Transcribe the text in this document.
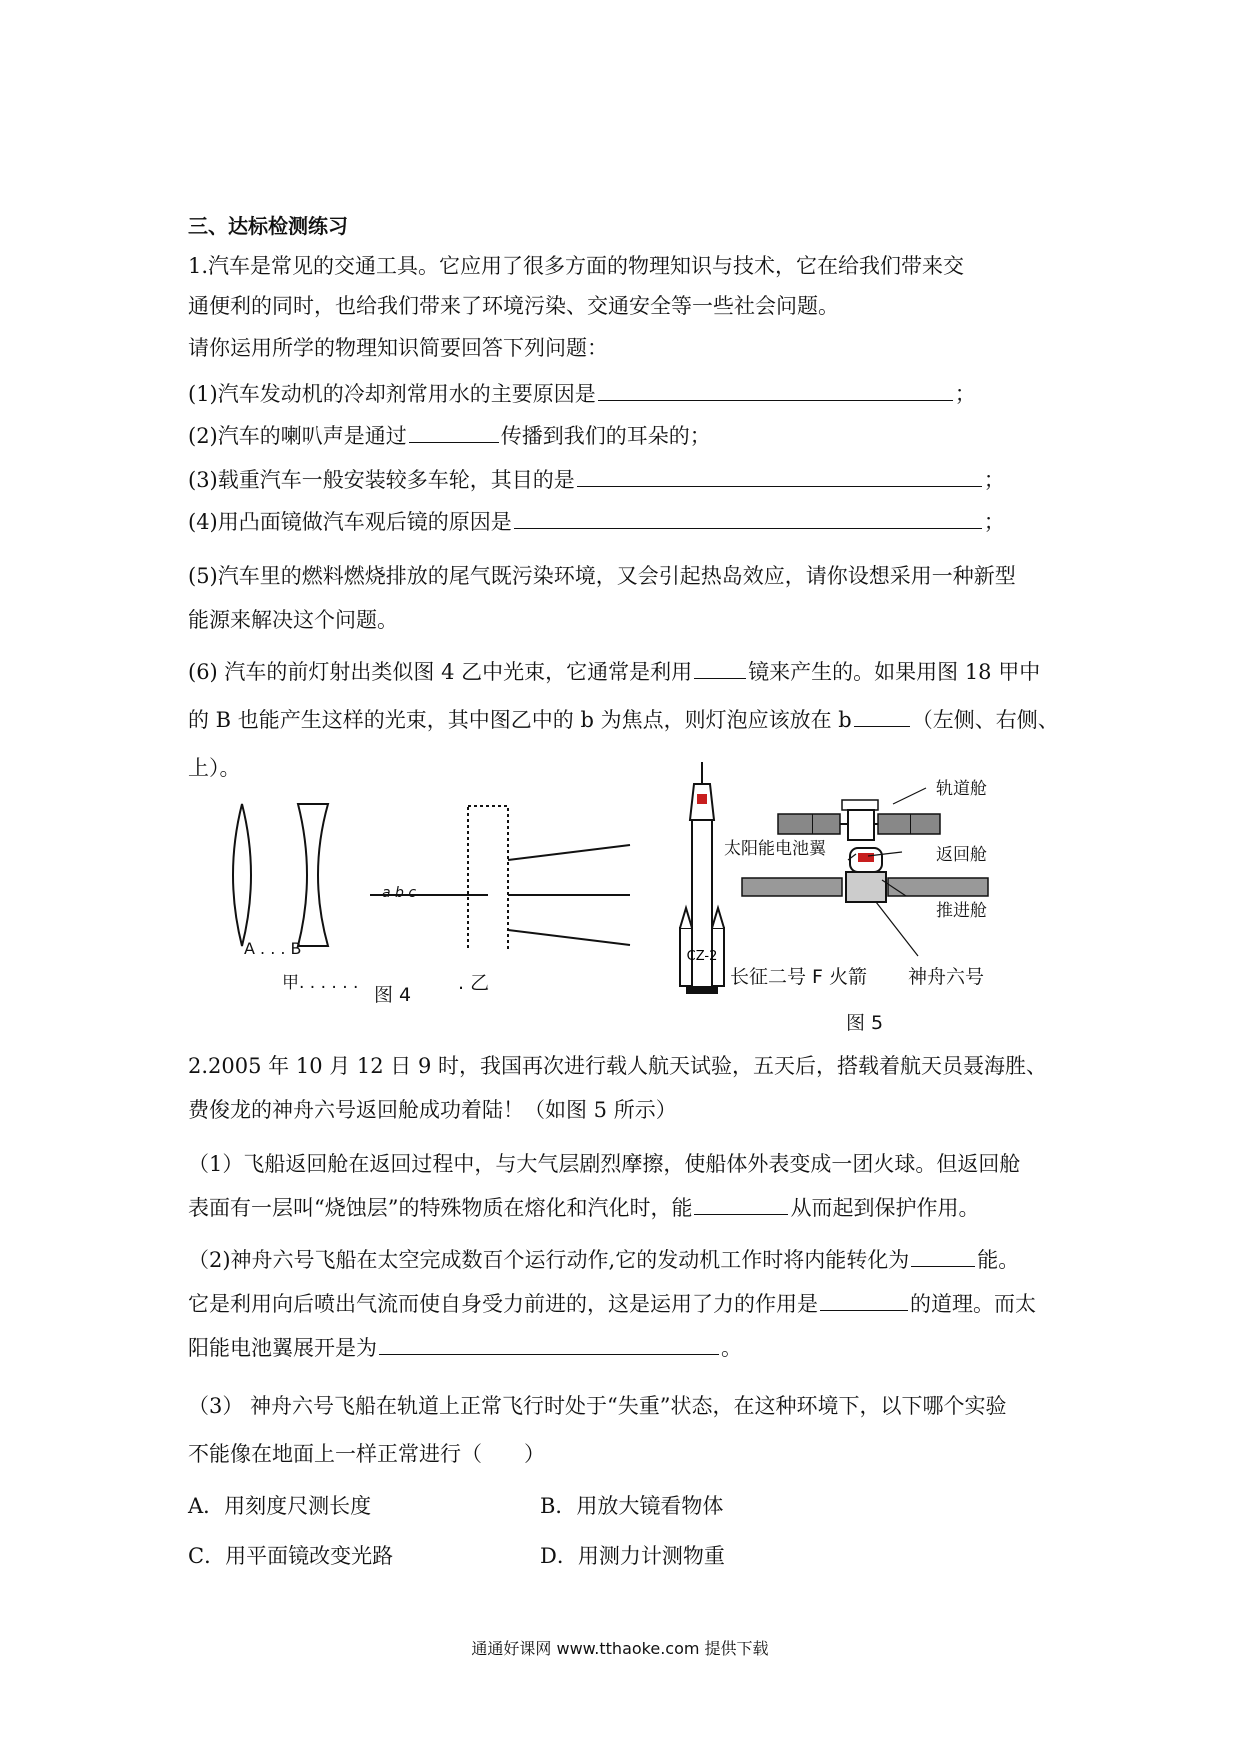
三、达标检测练习
1.汽车是常见的交通工具。它应用了很多方面的物理知识与技术，它在给我们带来交
通便利的同时，也给我们带来了环境污染、交通安全等一些社会问题。
请你运用所学的物理知识简要回答下列问题：
(1)汽车发动机的冷却剂常用水的主要原因是	；
(2)汽车的喇叭声是通过	传播到我们的耳朵的；
(3)载重汽车一般安装较多车轮，其目的是	；
(4)用凸面镜做汽车观后镜的原因是	；
(5)汽车里的燃料燃烧排放的尾气既污染环境，又会引起热岛效应，请你设想采用一种新型
能源来解决这个问题。
(6) 汽车的前灯射出类似图 4 乙中光束，它通常是利用	镜来产生的。如果用图 18 甲中
的 B 也能产生这样的光束，其中图乙中的 b 为焦点，则灯泡应该放在 b	（左侧、右侧、
上）。
a b c
A . . . B
甲. . . . . .
图 4
. 乙
CZ-2
轨道舱
太阳能电池翼	返回舱
推进舱
长征二号 F 火箭 神舟六号
图 5
2.2005 年 10 月 12 日 9 时，我国再次进行载人航天试验，五天后，搭载着航天员聂海胜、
费俊龙的神舟六号返回舱成功着陆！（如图 5 所示）
（1）飞船返回舱在返回过程中，与大气层剧烈摩擦，使船体外表变成一团火球。但返回舱
表面有一层叫“烧蚀层”的特殊物质在熔化和汽化时，能	从而起到保护作用。
（2)神舟六号飞船在太空完成数百个运行动作,它的发动机工作时将内能转化为	能。
它是利用向后喷出气流而使自身受力前进的，这是运用了力的作用是	的道理。而太
阳能电池翼展开是为	。
（3） 神舟六号飞船在轨道上正常飞行时处于“失重”状态，在这种环境下，以下哪个实验
不能像在地面上一样正常进行（　　）
A．用刻度尺测长度	B．用放大镜看物体
C．用平面镜改变光路	D．用测力计测物重
通通好课网 www.tthaoke.com 提供下载
